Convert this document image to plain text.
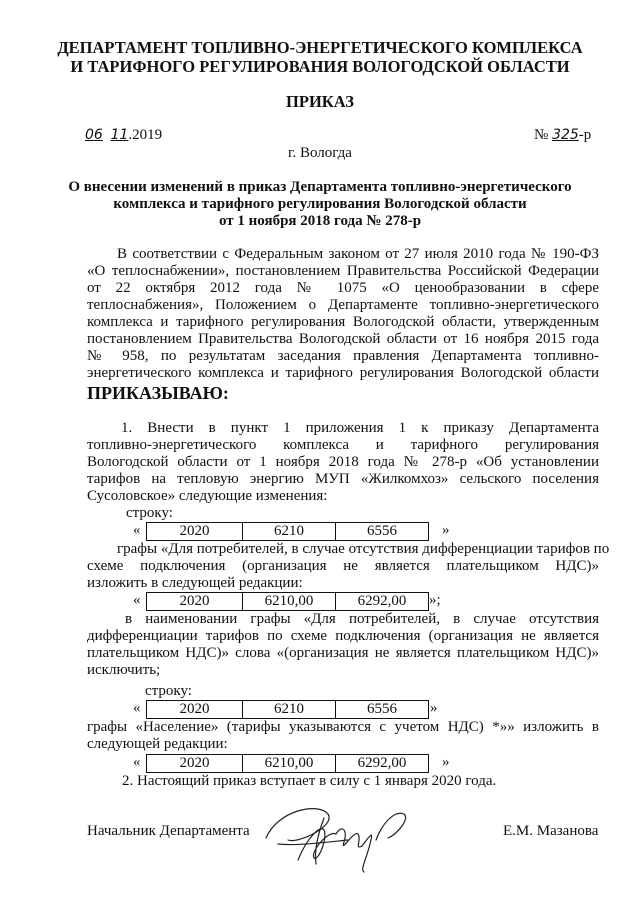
ДЕПАРТАМЕНТ ТОПЛИВНО-ЭНЕРГЕТИЧЕСКОГО КОМПЛЕКСА
И ТАРИФНОГО РЕГУЛИРОВАНИЯ ВОЛОГОДСКОЙ ОБЛАСТИ
ПРИКАЗ
06 11.2019	№ 325-р
г. Вологда
О внесении изменений в приказ Департамента топливно-энергетического
комплекса и тарифного регулирования Вологодской области
от 1 ноября 2018 года № 278-р
В соответствии с Федеральным законом от 27 июля 2010 года № 190-ФЗ
«О теплоснабжении», постановлением Правительства Российской Федерации
от 22 октября 2012 года № 1075 «О ценообразовании в сфере
теплоснабжения», Положением о Департаменте топливно-энергетического
комплекса и тарифного регулирования Вологодской области, утвержденным
постановлением Правительства Вологодской области от 16 ноября 2015 года
№ 958, по результатам заседания правления Департамента топливно-
энергетического комплекса и тарифного регулирования Вологодской области
ПРИКАЗЫВАЮ:
1. Внести в пункт 1 приложения 1 к приказу Департамента
топливно-энергетического комплекса и тарифного регулирования
Вологодской области от 1 ноября 2018 года № 278-р «Об установлении
тарифов на тепловую энергию МУП «Жилкомхоз» сельского поселения
Сусоловское» следующие изменения:
строку:
«	2020	6210	6556	»
графы «Для потребителей, в случае отсутствия дифференциации тарифов по
схеме подключения (организация не является плательщиком НДС)»
изложить в следующей редакции:
«	2020	6210,00	6292,00 »;
в наименовании графы «Для потребителей, в случае отсутствия
дифференциации тарифов по схеме подключения (организация не является
плательщиком НДС)» слова «(организация не является плательщиком НДС)»
исключить;
строку:
«	2020	6210	6556 »
графы «Население» (тарифы указываются с учетом НДС) *»» изложить в
следующей редакции:
«	2020	6210,00	6292,00 »
2. Настоящий приказ вступает в силу с 1 января 2020 года.
Начальник Департамента	Е.М. Мазанова
